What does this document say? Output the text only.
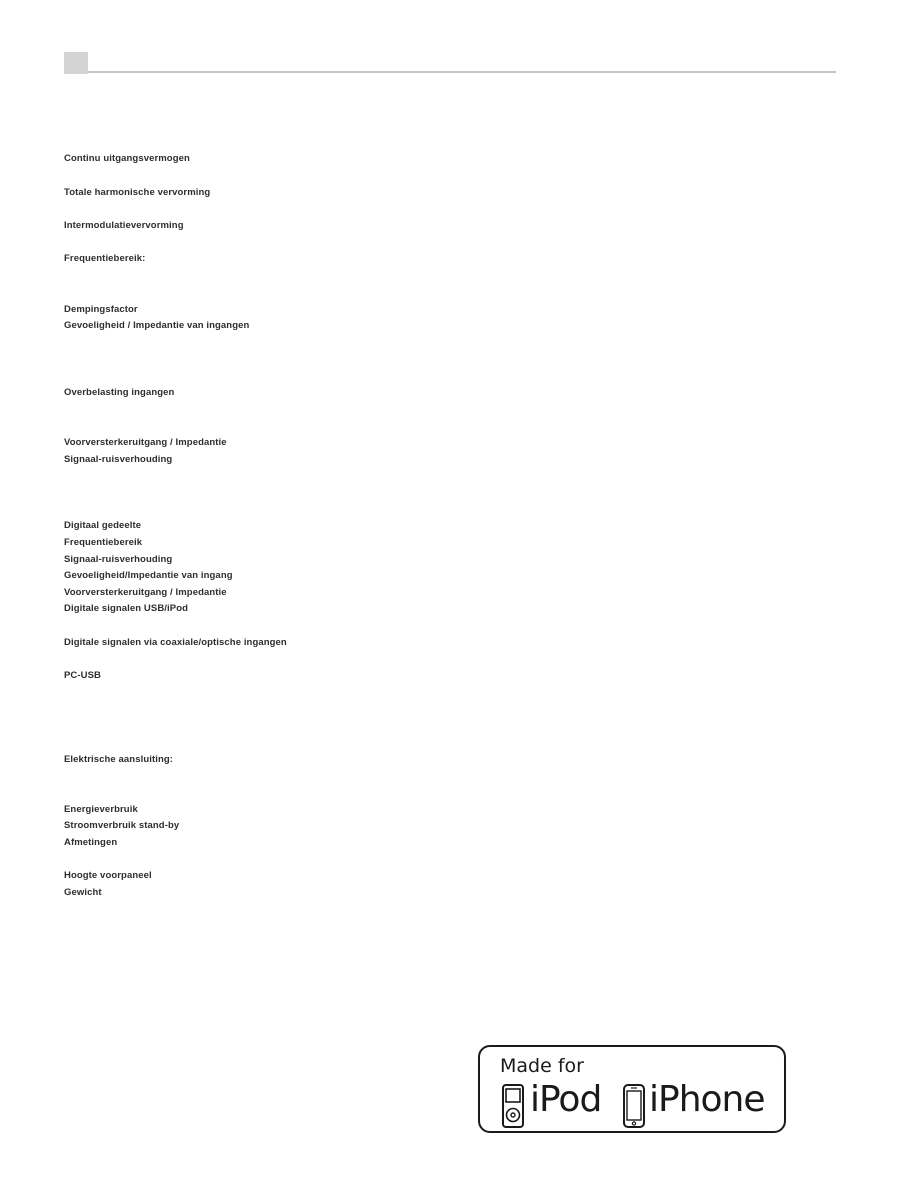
Continu uitgangsvermogen
Totale harmonische vervorming
Intermodulatievervorming
Frequentiebereik:
Dempingsfactor
Gevoeligheid / Impedantie van ingangen
Overbelasting ingangen
Voorversterkeruitgang / Impedantie
Signaal-ruisverhouding
Digitaal gedeelte
Frequentiebereik
Signaal-ruisverhouding
Gevoeligheid/Impedantie van ingang
Voorversterkeruitgang / Impedantie
Digitale signalen USB/iPod
Digitale signalen via coaxiale/optische ingangen
PC-USB
Elektrische aansluiting:
Energieverbruik
Stroomverbruik stand-by
Afmetingen
Hoogte voorpaneel
Gewicht
Made for
iPod iPhone
